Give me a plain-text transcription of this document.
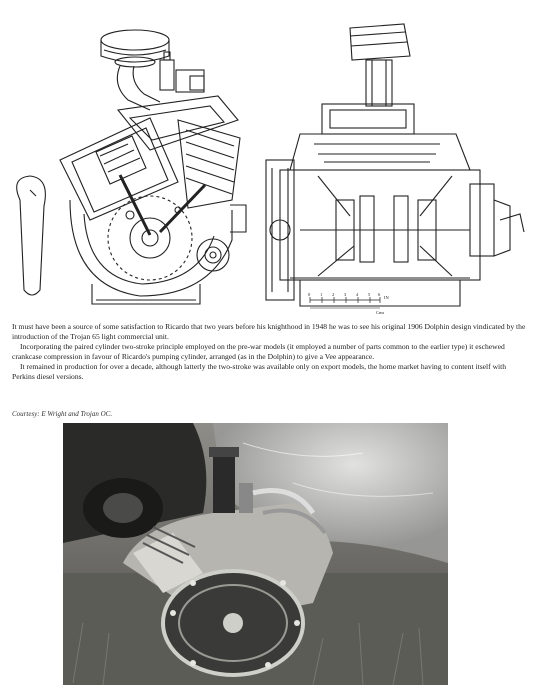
0 1 2 3 4 5 6
IN
Cms

It must have been a source of some satisfaction to Ricardo that two years before his knighthood in 1948 he was to see his original 1906 Dolphin design vindicated by the introduction of the Trojan 65 light commercial unit.

Incorporating the paired cylinder two-stroke principle employed on the pre-war models (it employed a number of parts common to the earlier type) it eschewed crankcase compression in favour of Ricardo's pumping cylinder, arranged (as in the Dolphin) to give a Vee appearance.

It remained in production for over a decade, although latterly the two-stroke was available only on export models, the home market having to content itself with Perkins diesel versions.

Courtesy: E Wright and Trojan OC.
